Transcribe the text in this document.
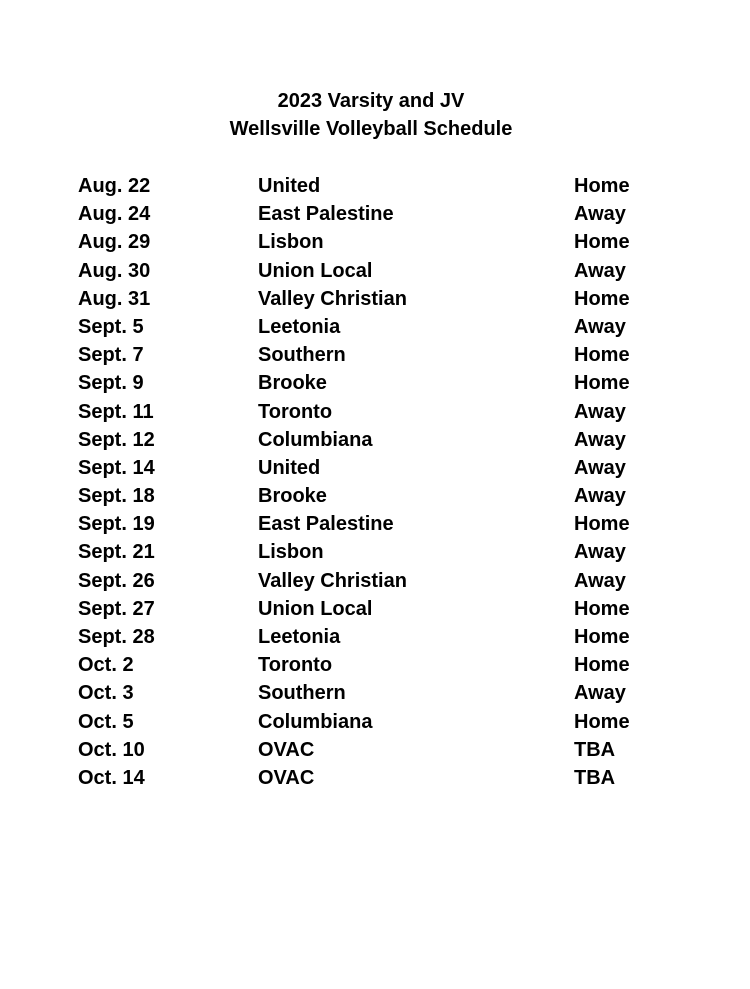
2023 Varsity and JV
Wellsville Volleyball Schedule
Aug. 22	United	Home
Aug. 24	East Palestine	Away
Aug. 29	Lisbon	Home
Aug. 30	Union Local	Away
Aug. 31	Valley Christian	Home
Sept. 5	Leetonia	Away
Sept. 7	Southern	Home
Sept. 9	Brooke	Home
Sept. 11	Toronto	Away
Sept. 12	Columbiana	Away
Sept. 14	United	Away
Sept. 18	Brooke	Away
Sept. 19	East Palestine	Home
Sept. 21	Lisbon	Away
Sept. 26	Valley Christian	Away
Sept. 27	Union Local	Home
Sept. 28	Leetonia	Home
Oct. 2	Toronto	Home
Oct. 3	Southern	Away
Oct. 5	Columbiana	Home
Oct. 10	OVAC	TBA
Oct. 14	OVAC	TBA
